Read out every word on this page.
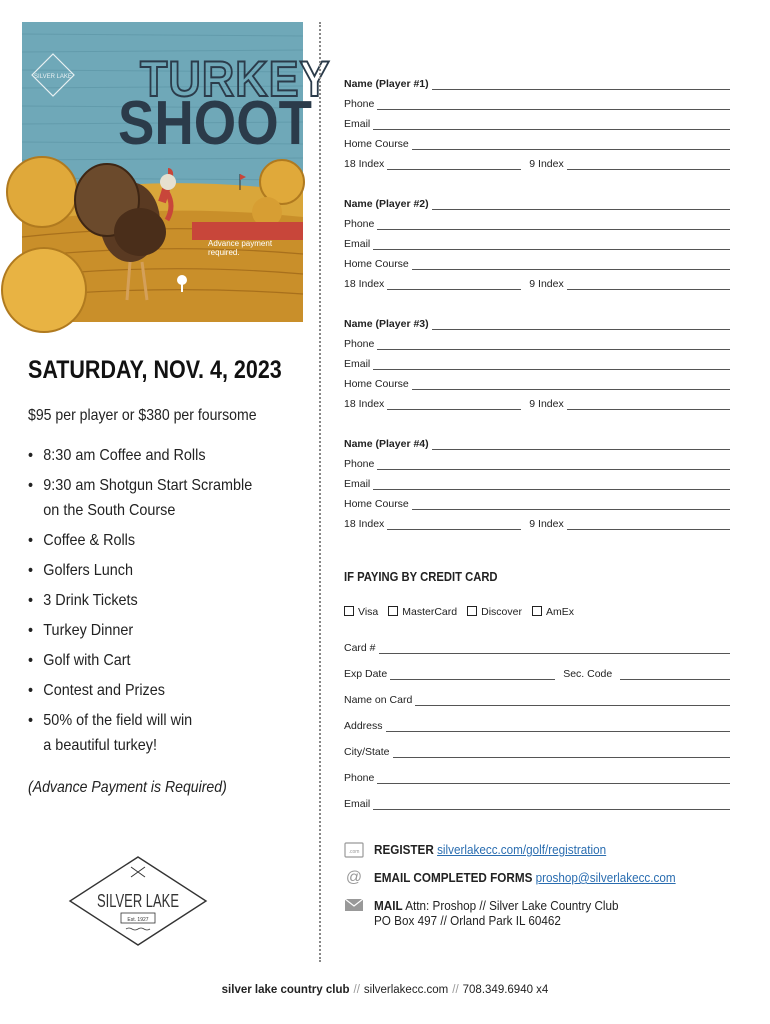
SILVER LAKE TURKEY
SHOOT
Advance payment required.
SATURDAY, NOV. 4, 2023
$95 per player or $380 per foursome
• 8:30 am Coffee and Rolls
• 9:30 am Shotgun Start Scramble
on the South Course
• Coffee & Rolls
• Golfers Lunch
• 3 Drink Tickets
• Turkey Dinner
• Golf with Cart
• Contest and Prizes
• 50% of the field will win
a beautiful turkey!
(Advance Payment is Required)
Name (Player #1)
Phone
Email
Home Course
18 Index	9 Index
Name (Player #2)
Phone
Email
Home Course
18 Index	9 Index
Name (Player #3)
Phone
Email
Home Course
18 Index	9 Index
Name (Player #4)
Phone
Email
Home Course
18 Index	9 Index
IF PAYING BY CREDIT CARD
Visa	MasterCard	Discover	AmEx
Card #
Exp Date	Sec. Code
Name on Card
Address
City/State
Phone
Email
.com REGISTER silverlakecc.com/golf/registration
@ EMAIL COMPLETED FORMS proshop@silverlakecc.com
MAIL Attn: Proshop // Silver Lake Country Club
PO Box 497 // Orland Park IL 60462
SILVER LAKE
Est. 1927
silver lake country club // silverlakecc.com // 708.349.6940 x4
